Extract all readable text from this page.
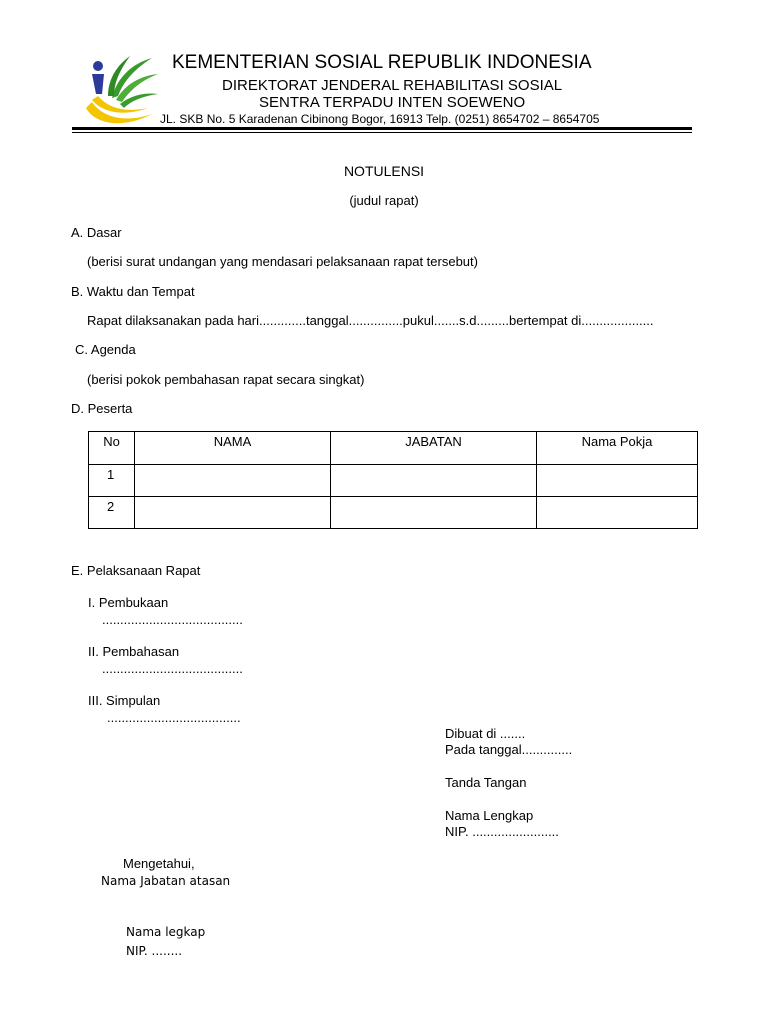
KEMENTERIAN SOSIAL REPUBLIK INDONESIA
DIREKTORAT JENDERAL REHABILITASI SOSIAL
SENTRA TERPADU INTEN SOEWENO
JL. SKB No. 5 Karadenan Cibinong Bogor, 16913 Telp. (0251) 8654702 – 8654705
NOTULENSI
(judul rapat)
A. Dasar
(berisi surat undangan yang mendasari pelaksanaan rapat tersebut)
B. Waktu dan Tempat
Rapat dilaksanakan pada hari.............tanggal...............pukul.......s.d.........bertempat di....................
C. Agenda
(berisi pokok pembahasan rapat secara singkat)
D. Peserta
No	NAMA	JABATAN	Nama Pokja
1			
2			
E. Pelaksanaan Rapat
I. Pembukaan
.......................................
II. Pembahasan
.......................................
III. Simpulan
.....................................
Dibuat di .......
Pada tanggal..............
Tanda Tangan
Nama Lengkap
NIP. ........................
Mengetahui,
Nama Jabatan atasan
Nama legkap
NIP. ........
